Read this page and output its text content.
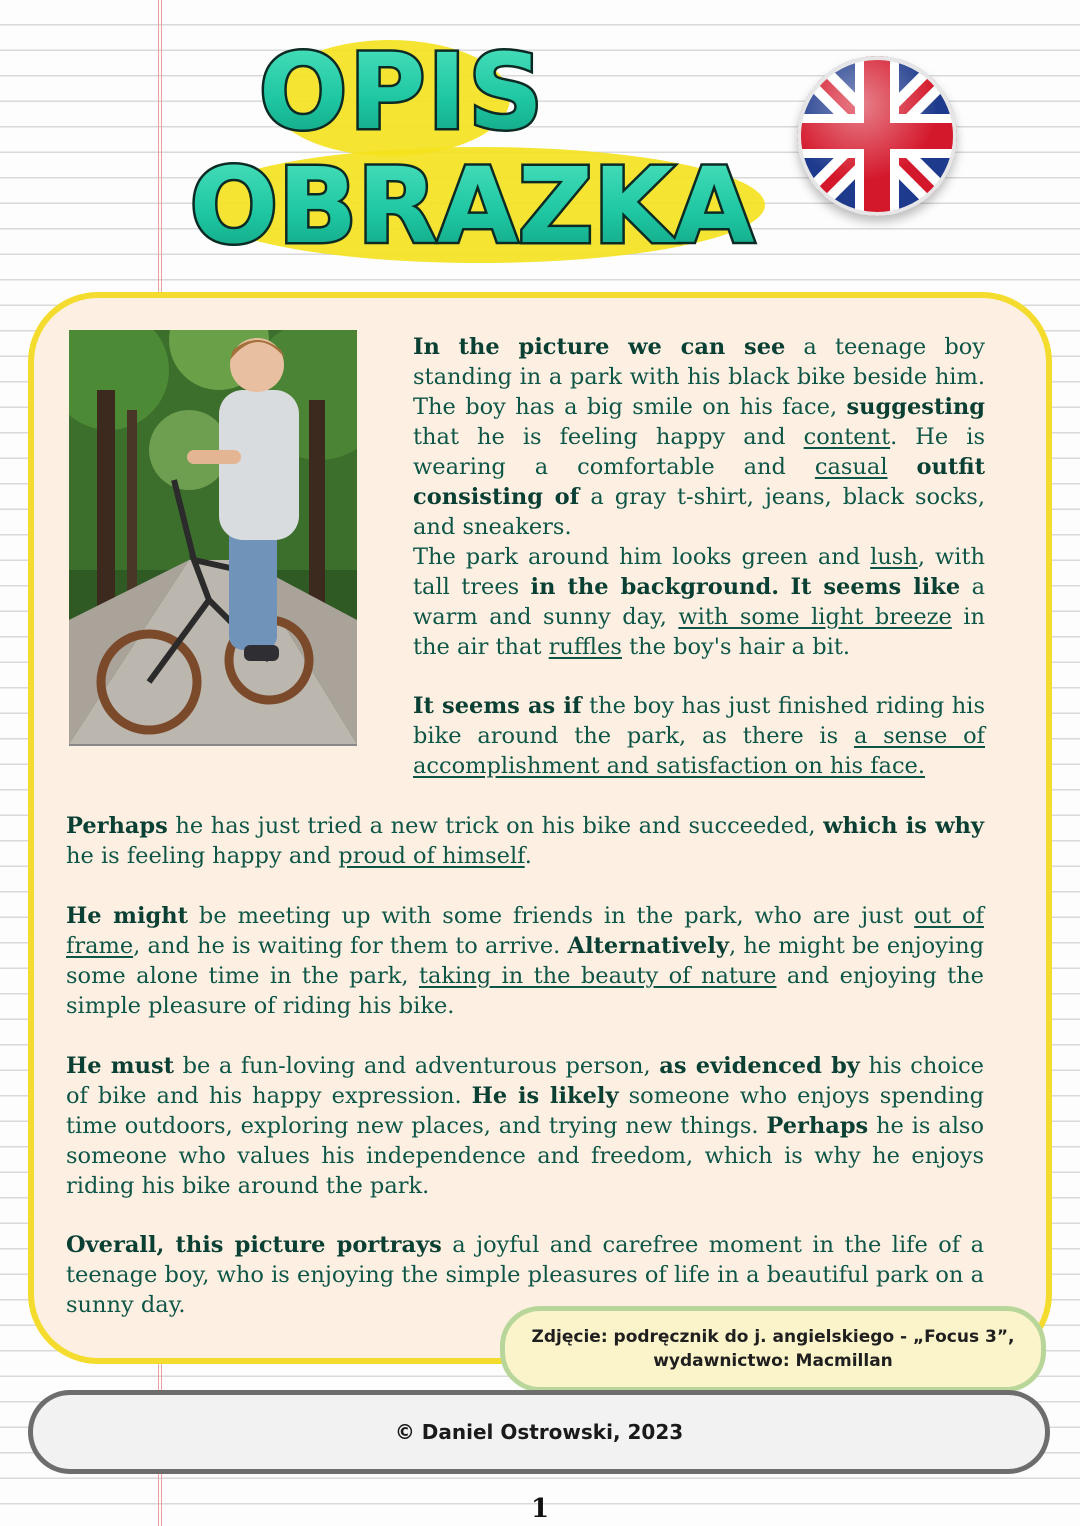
OPIS
OBRAZKA

In the picture we can see a teenage boy standing in a park with his black bike beside him. The boy has a big smile on his face, suggesting that he is feeling happy and content. He is wearing a comfortable and casual outfit consisting of a gray t-shirt, jeans, black socks, and sneakers.

The park around him looks green and lush, with tall trees in the background. It seems like a warm and sunny day, with some light breeze in the air that ruffles the boy's hair a bit.

It seems as if the boy has just finished riding his bike around the park, as there is a sense of accomplishment and satisfaction on his face.

Perhaps he has just tried a new trick on his bike and succeeded, which is why he is feeling happy and proud of himself.

He might be meeting up with some friends in the park, who are just out of frame, and he is waiting for them to arrive. Alternatively, he might be enjoying some alone time in the park, taking in the beauty of nature and enjoying the simple pleasure of riding his bike.

He must be a fun-loving and adventurous person, as evidenced by his choice of bike and his happy expression. He is likely someone who enjoys spending time outdoors, exploring new places, and trying new things. Perhaps he is also someone who values his independence and freedom, which is why he enjoys riding his bike around the park.

Overall, this picture portrays a joyful and carefree moment in the life of a teenage boy, who is enjoying the simple pleasures of life in a beautiful park on a sunny day.

Zdjęcie: podręcznik do j. angielskiego - „Focus 3”,
wydawnictwo: Macmillan
© Daniel Ostrowski, 2023
1
